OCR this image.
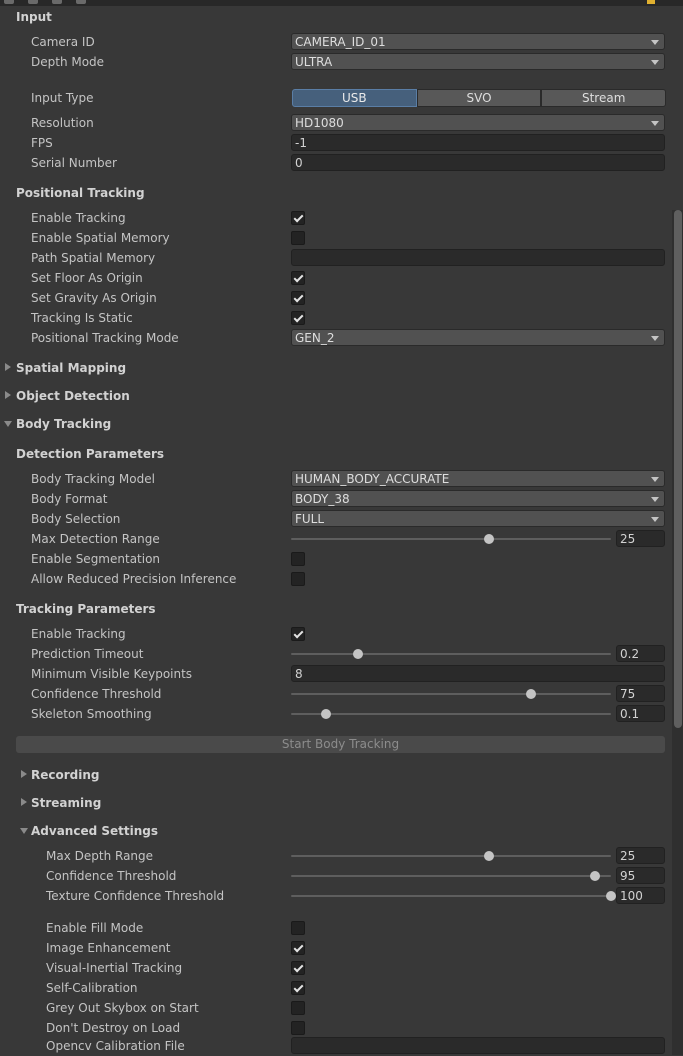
Input
Camera ID	CAMERA_ID_01
Depth Mode	ULTRA
Input Type	USB	SVO	Stream
Resolution	HD1080
FPS	-1
Serial Number	0
Positional Tracking
Enable Tracking
Enable Spatial Memory
Path Spatial Memory
Set Floor As Origin
Set Gravity As Origin
Tracking Is Static
Positional Tracking Mode	GEN_2
Spatial Mapping
Object Detection
Body Tracking
Detection Parameters
Body Tracking Model	HUMAN_BODY_ACCURATE
Body Format	BODY_38
Body Selection	FULL
Max Detection Range	25
Enable Segmentation
Allow Reduced Precision Inference
Tracking Parameters
Enable Tracking
Prediction Timeout	0.2
Minimum Visible Keypoints	8
Confidence Threshold	75
Skeleton Smoothing	0.1
Start Body Tracking
Recording
Streaming
Advanced Settings
Max Depth Range	25
Confidence Threshold	95
Texture Confidence Threshold	100
Enable Fill Mode
Image Enhancement
Visual-Inertial Tracking
Self-Calibration
Grey Out Skybox on Start
Don't Destroy on Load
Opencv Calibration File
